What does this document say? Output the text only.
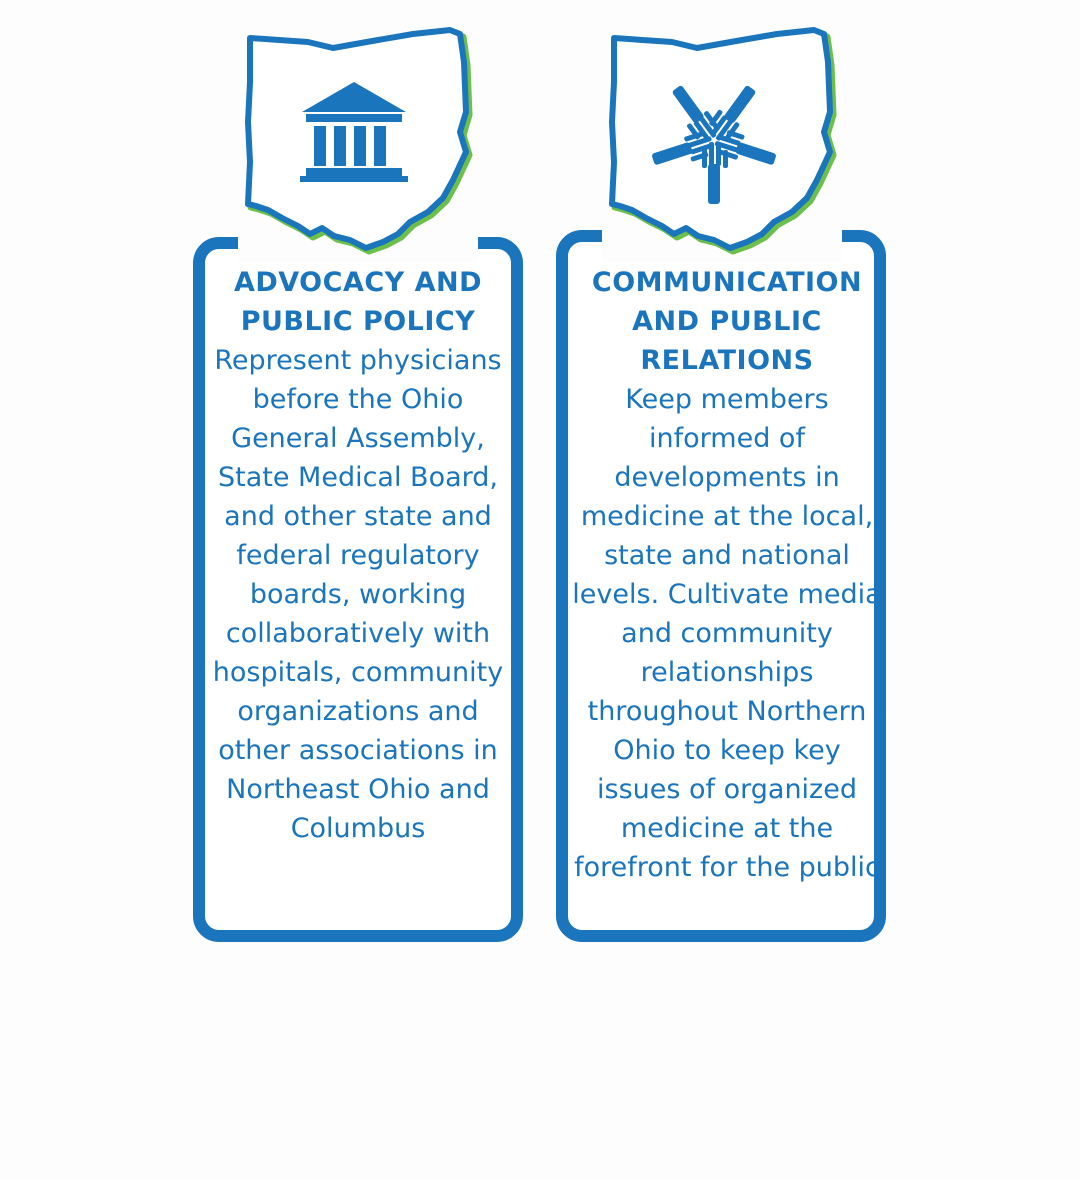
ADVOCACY AND PUBLIC POLICY
Represent physicians before the Ohio General Assembly, State Medical Board, and other state and federal regulatory boards, working collaboratively with hospitals, community organizations and other associations in Northeast Ohio and Columbus
COMMUNICATION AND PUBLIC RELATIONS
Keep members informed of developments in medicine at the local, state and national levels. Cultivate media and community relationships throughout Northern Ohio to keep key issues of organized medicine at the forefront for the public
